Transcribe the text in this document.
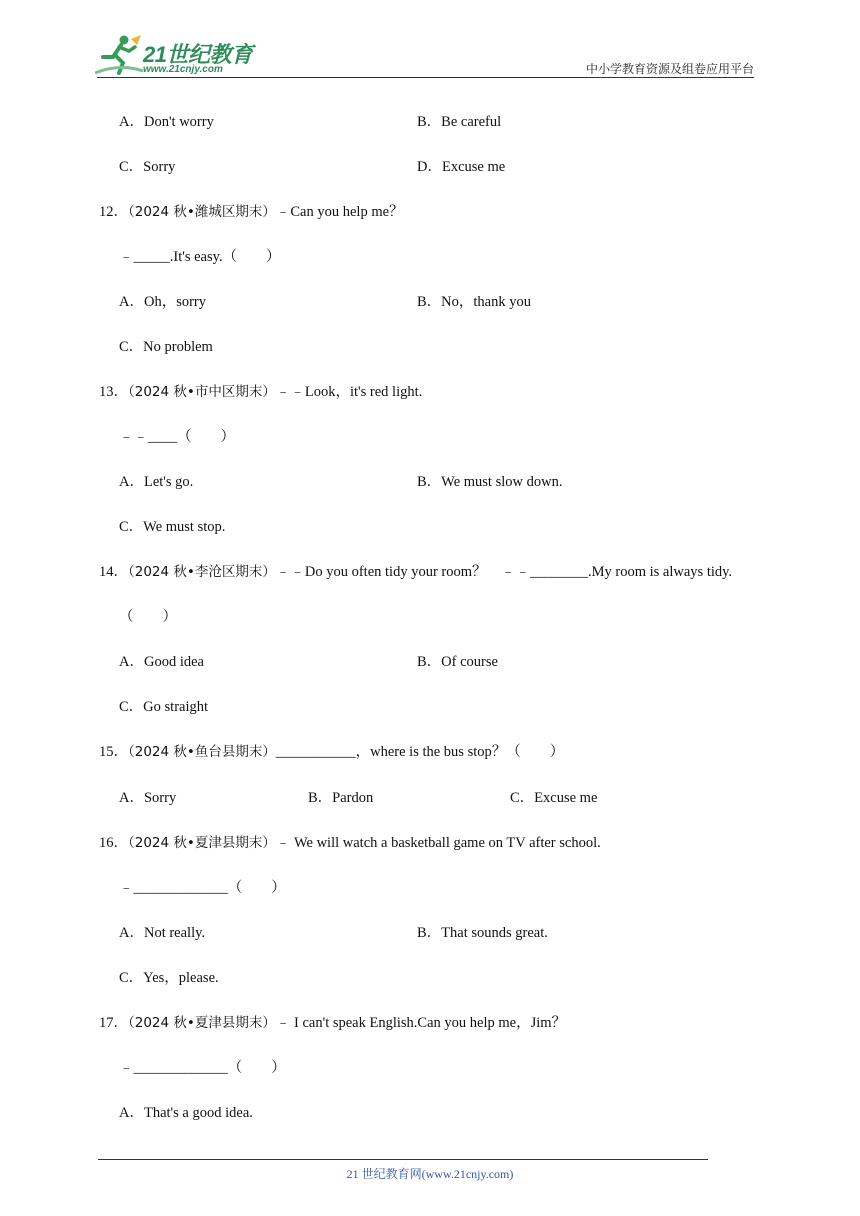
21世纪教育
www.21cnjy.com	中小学教育资源及组卷应用平台
A．Don't worry	B．Be careful
C．Sorry	D．Excuse me
12．（2024 秋•潍城区期末）﹣Can you help me？
﹣_____.It's easy.（　　）
A．Oh，sorry	B．No，thank you
C．No problem
13．（2024 秋•市中区期末）﹣﹣Look，it's red light.
﹣﹣____（　　）
A．Let's go.	B．We must slow down.
C．We must stop.
14．（2024 秋•李沧区期末）﹣﹣Do you often tidy your room？　﹣﹣________.My room is always tidy.
（　　）
A．Good idea	B．Of course
C．Go straight
15．（2024 秋•鱼台县期末）___________，where is the bus stop？（　　）
A．Sorry	B．Pardon	C．Excuse me
16．（2024 秋•夏津县期末）﹣ We will watch a basketball game on TV after school.
﹣_____________（　　）
A．Not really.	B．That sounds great.
C．Yes，please.
17．（2024 秋•夏津县期末）﹣ I can't speak English.Can you help me，Jim？
﹣_____________（　　）
A．That's a good idea.
21 世纪教育网(www.21cnjy.com)
